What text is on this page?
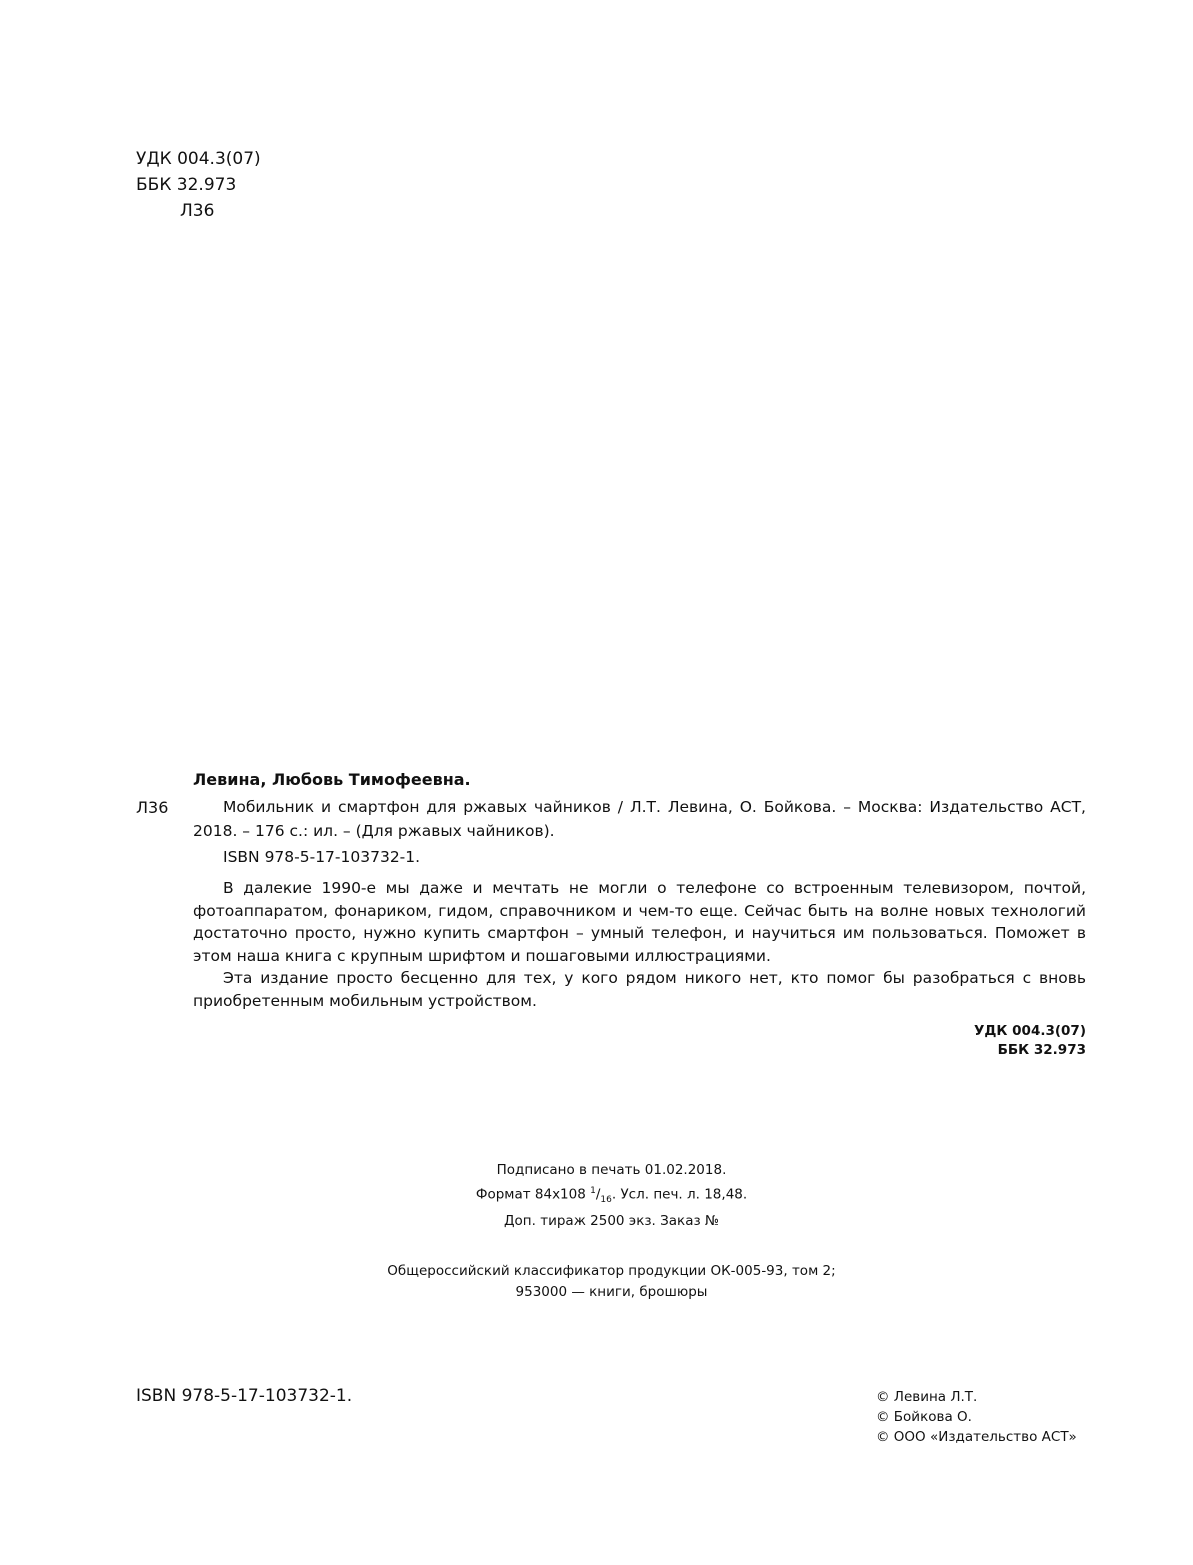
УДК 004.3(07)
ББК 32.973
Л36
Левина, Любовь Тимофеевна.
Л36	Мобильник и смартфон для ржавых чайников / Л.Т. Левина, О. Бойкова. – Москва: Издательство АСТ, 2018. – 176 с.: ил. – (Для ржавых чайников).

ISBN 978-5-17-103732-1.

В далекие 1990-е мы даже и мечтать не могли о телефоне со встроенным телевизором, почтой, фотоаппаратом, фонариком, гидом, справочником и чем-то еще. Сейчас быть на волне новых технологий достаточно просто, нужно купить смартфон – умный телефон, и научиться им пользоваться. Поможет в этом наша книга с крупным шрифтом и пошаговыми иллюстрациями.

Эта издание просто бесценно для тех, у кого рядом никого нет, кто помог бы разобраться с вновь приобретенным мобильным устройством.

УДК 004.3(07)
ББК 32.973
Подписано в печать 01.02.2018.
Формат 84х108 $^1/_{16}$. Усл. печ. л. 18,48.
Доп. тираж 2500 экз. Заказ №
Общероссийский классификатор продукции ОК-005-93, том 2;
953000 — книги, брошюры
ISBN 978-5-17-103732-1.	© Левина Л.Т.
© Бойкова О.
© ООО «Издательство АСТ»
